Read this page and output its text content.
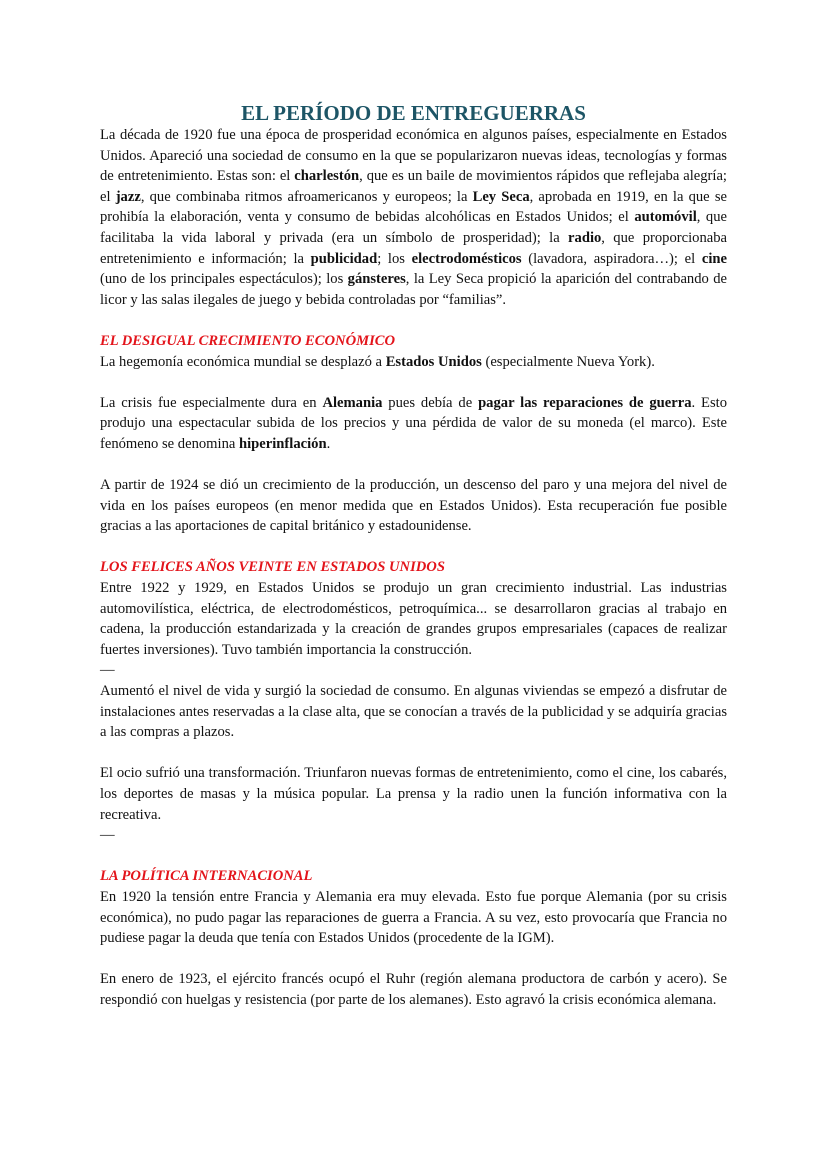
EL PERÍODO DE ENTREGUERRAS

La década de 1920 fue una época de prosperidad económica en algunos países, especialmente en Estados Unidos. Apareció una sociedad de consumo en la que se popularizaron nuevas ideas, tecnologías y formas de entretenimiento. Estas son: el charlestón, que es un baile de movimientos rápidos que reflejaba alegría; el jazz, que combinaba ritmos afroamericanos y europeos; la Ley Seca, aprobada en 1919, en la que se prohibía la elaboración, venta y consumo de bebidas alcohólicas en Estados Unidos; el automóvil, que facilitaba la vida laboral y privada (era un símbolo de prosperidad); la radio, que proporcionaba entretenimiento e información; la publicidad; los electrodomésticos (lavadora, aspiradora…); el cine (uno de los principales espectáculos); los gánsteres, la Ley Seca propició la aparición del contrabando de licor y las salas ilegales de juego y bebida controladas por “familias”.

EL DESIGUAL CRECIMIENTO ECONÓMICO

La hegemonía económica mundial se desplazó a Estados Unidos (especialmente Nueva York).

La crisis fue especialmente dura en Alemania pues debía de pagar las reparaciones de guerra. Esto produjo una espectacular subida de los precios y una pérdida de valor de su moneda (el marco). Este fenómeno se denomina hiperinflación.

A partir de 1924 se dió un crecimiento de la producción, un descenso del paro y una mejora del nivel de vida en los países europeos (en menor medida que en Estados Unidos). Esta recuperación fue posible gracias a las aportaciones de capital británico y estadounidense.

LOS FELICES AÑOS VEINTE EN ESTADOS UNIDOS

Entre 1922 y 1929, en Estados Unidos se produjo un gran crecimiento industrial. Las industrias automovilística, eléctrica, de electrodomésticos, petroquímica... se desarrollaron gracias al trabajo en cadena, la producción estandarizada y la creación de grandes grupos empresariales (capaces de realizar fuertes inversiones). Tuvo también importancia la construcción.

—

Aumentó el nivel de vida y surgió la sociedad de consumo. En algunas viviendas se empezó a disfrutar de instalaciones antes reservadas a la clase alta, que se conocían a través de la publicidad y se adquiría gracias a las compras a plazos.

El ocio sufrió una transformación. Triunfaron nuevas formas de entretenimiento, como el cine, los cabarés, los deportes de masas y la música popular. La prensa y la radio unen la función informativa con la recreativa.

—
LA POLÍTICA INTERNACIONAL

En 1920 la tensión entre Francia y Alemania era muy elevada. Esto fue porque Alemania (por su crisis económica), no pudo pagar las reparaciones de guerra a Francia. A su vez, esto provocaría que Francia no pudiese pagar la deuda que tenía con Estados Unidos (procedente de la IGM).

En enero de 1923, el ejército francés ocupó el Ruhr (región alemana productora de carbón y acero). Se respondió con huelgas y resistencia (por parte de los alemanes). Esto agravó la crisis económica alemana.
